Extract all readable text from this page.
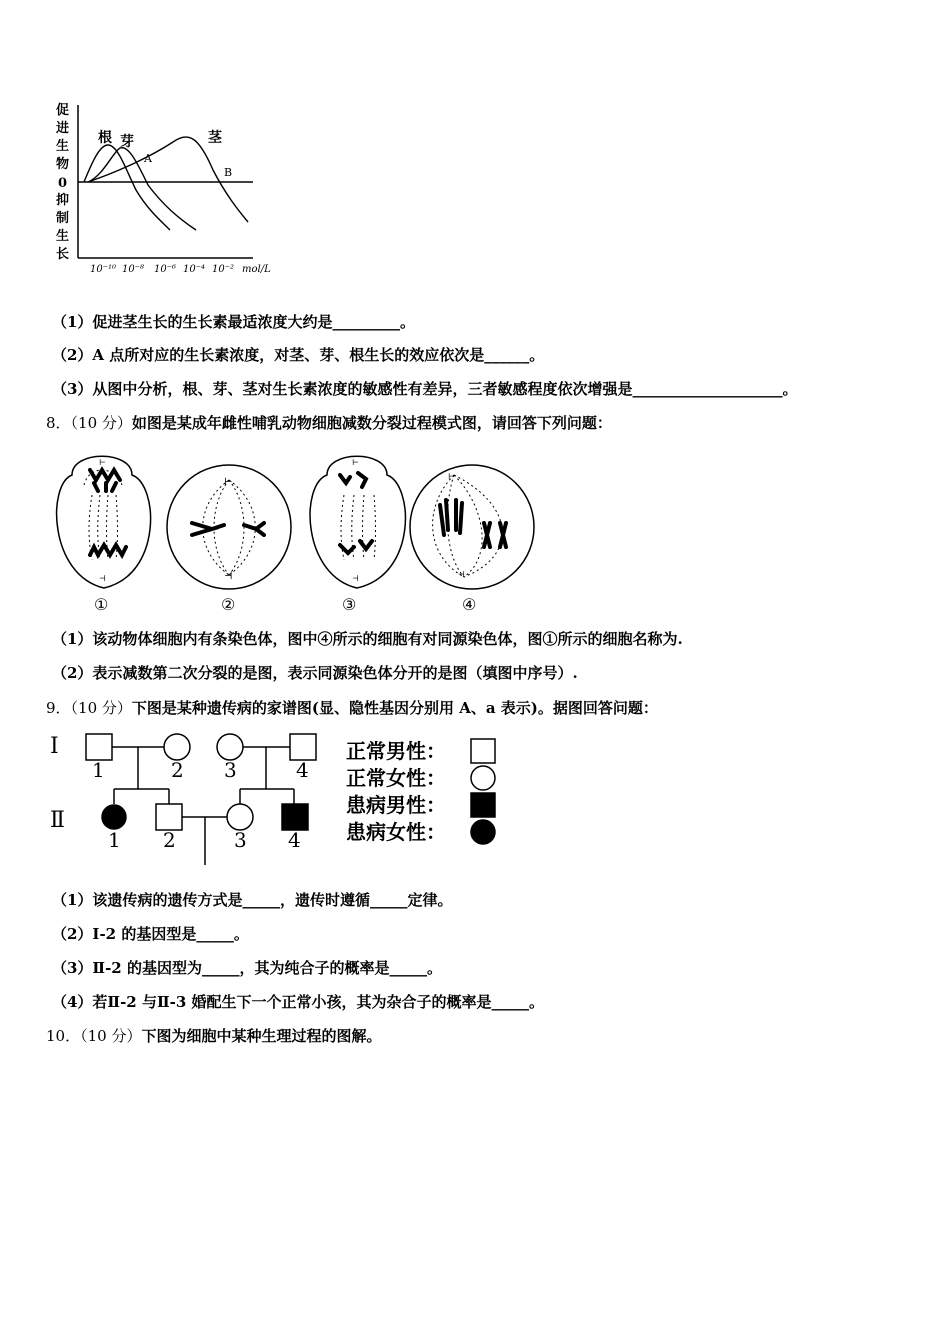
促
进
生
物
0
抑
制
生
长
根 芽	茎
A
B
10⁻¹⁰ 10⁻⁸ 10⁻⁶ 10⁻⁴ 10⁻² mol/L
（1）促进茎生长的生长素最适浓度大约是_________。
（2）A 点所对应的生长素浓度，对茎、芽、根生长的效应依次是______。
（3）从图中分析，根、芽、茎对生长素浓度的敏感性有差异，三者敏感程度依次增强是____________________。
8．（10 分）如图是某成年雌性哺乳动物细胞减数分裂过程模式图，请回答下列问题：
⊢
⊣
①
⊢
⊣
②
⊢
⊣
③
⊢
⊣
④
（1）该动物体细胞内有条染色体，图中④所示的细胞有对同源染色体，图①所示的细胞名称为.
（2）表示减数第二次分裂的是图，表示同源染色体分开的是图（填图中序号）.
9．（10 分）下图是某种遗传病的家谱图(显、隐性基因分别用 A、a 表示)。据图回答问题：
Ⅰ
Ⅱ
1	2 3	4
1 2	3 4
正常男性：
正常女性：
患病男性：
患病女性：
（1）该遗传病的遗传方式是_____，遗传时遵循_____定律。
（2）Ⅰ-2 的基因型是_____。
（3）Ⅱ-2 的基因型为_____，其为纯合子的概率是_____。
（4）若Ⅱ-2 与Ⅱ-3 婚配生下一个正常小孩，其为杂合子的概率是_____。
10．（10 分）下图为细胞中某种生理过程的图解。
